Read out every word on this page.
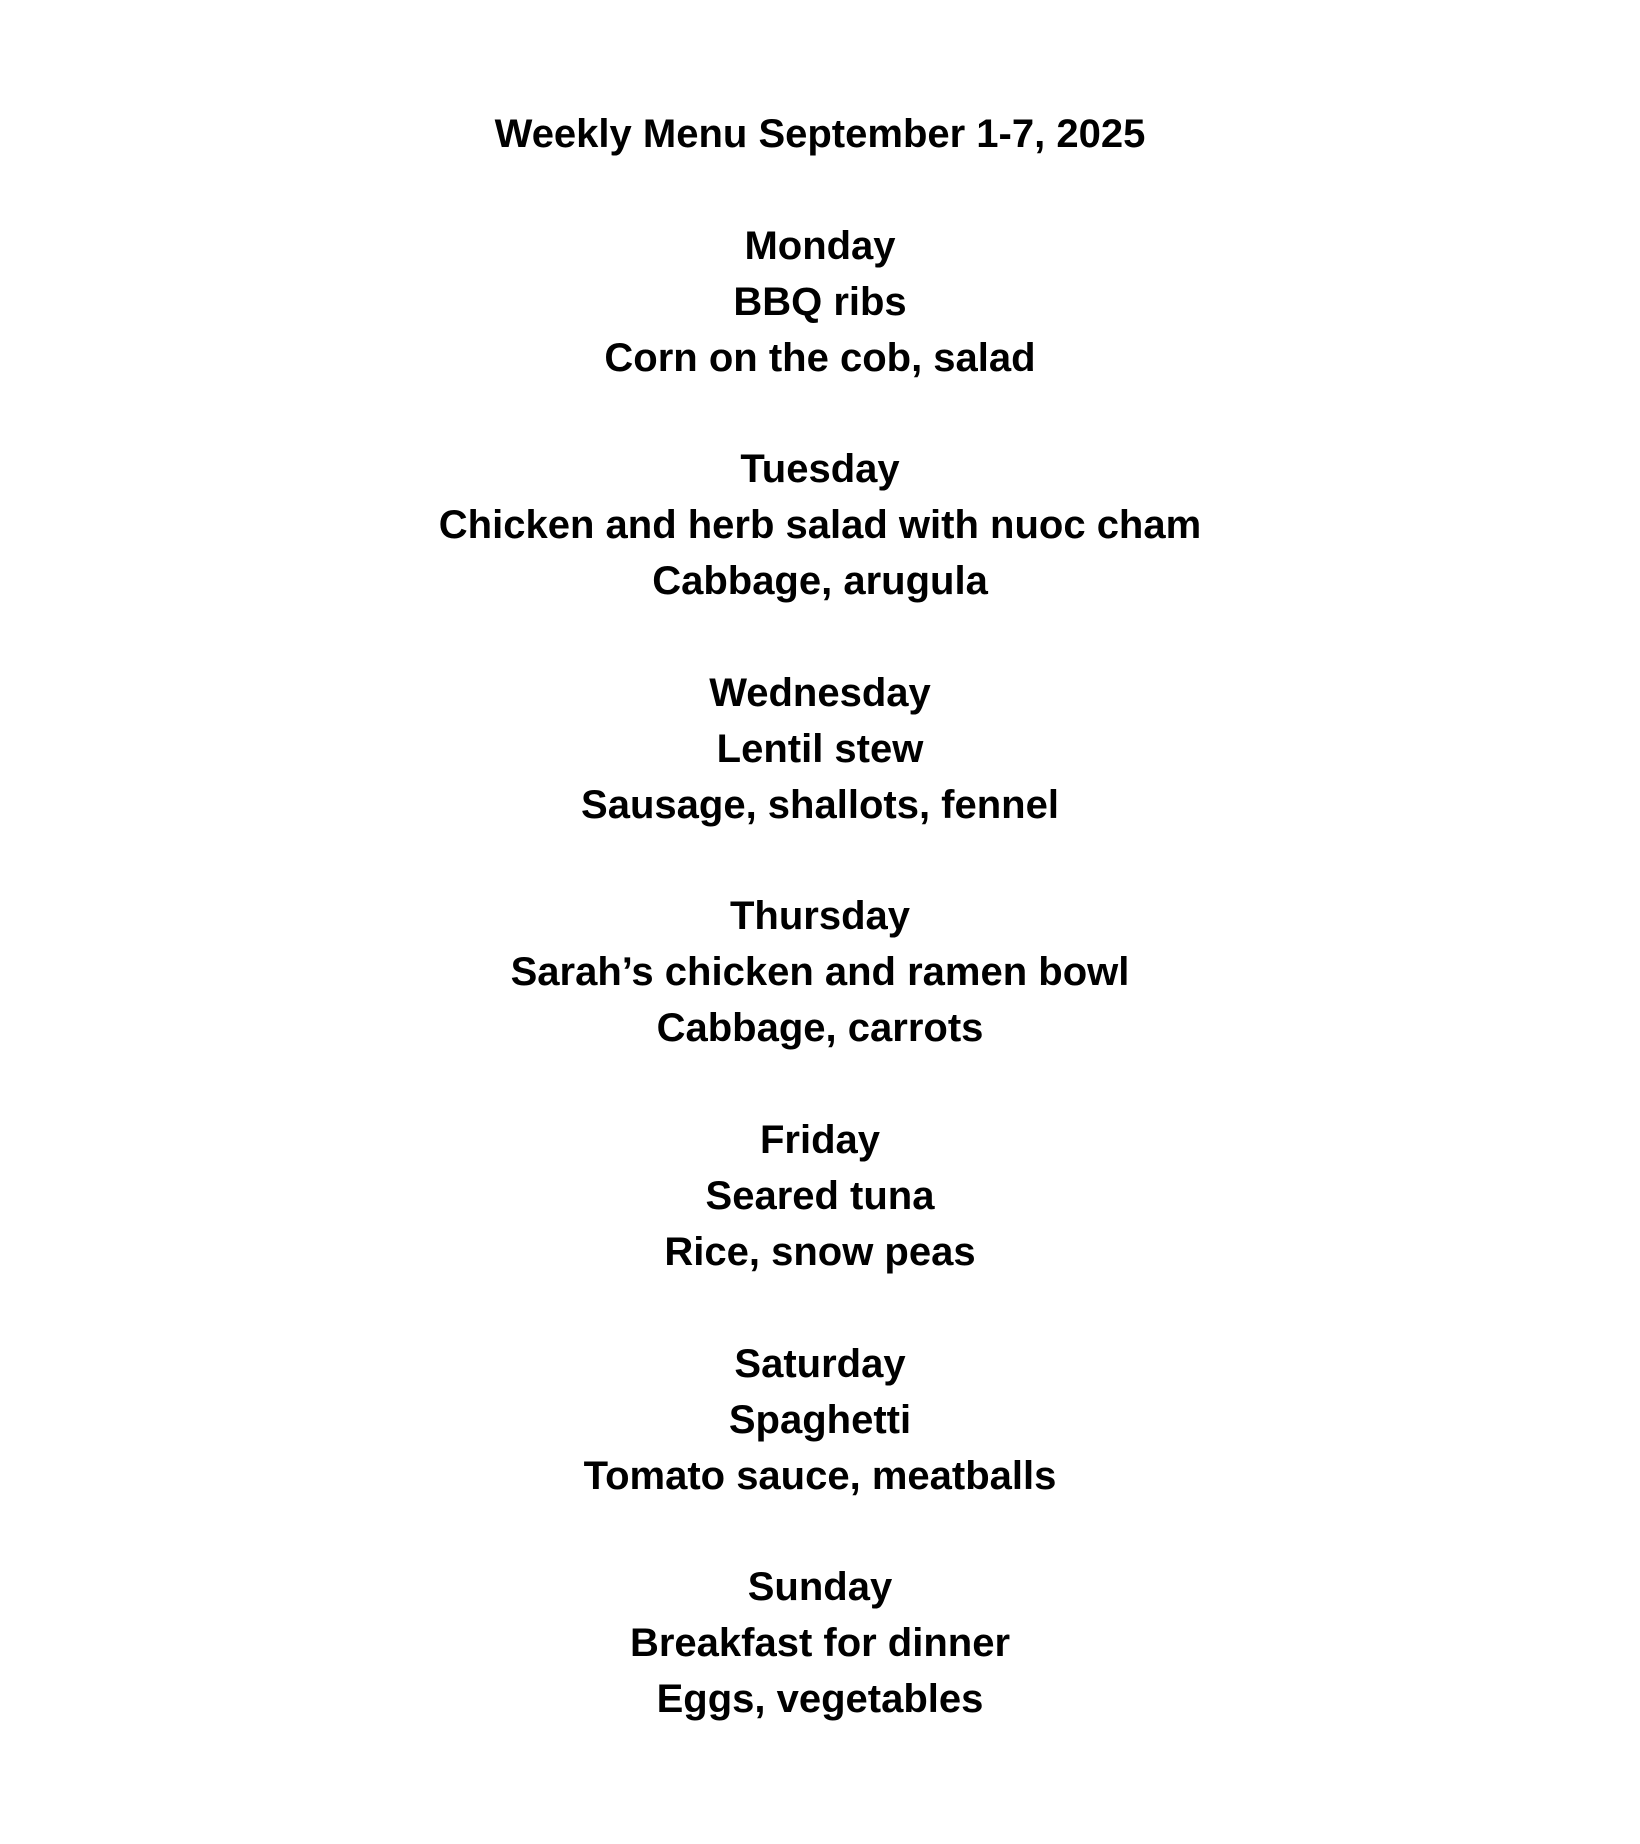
Weekly Menu September 1-7, 2025
Monday
BBQ ribs
Corn on the cob, salad
Tuesday
Chicken and herb salad with nuoc cham
Cabbage, arugula
Wednesday
Lentil stew
Sausage, shallots, fennel
Thursday
Sarah’s chicken and ramen bowl
Cabbage, carrots
Friday
Seared tuna
Rice, snow peas
Saturday
Spaghetti
Tomato sauce, meatballs
Sunday
Breakfast for dinner
Eggs, vegetables
